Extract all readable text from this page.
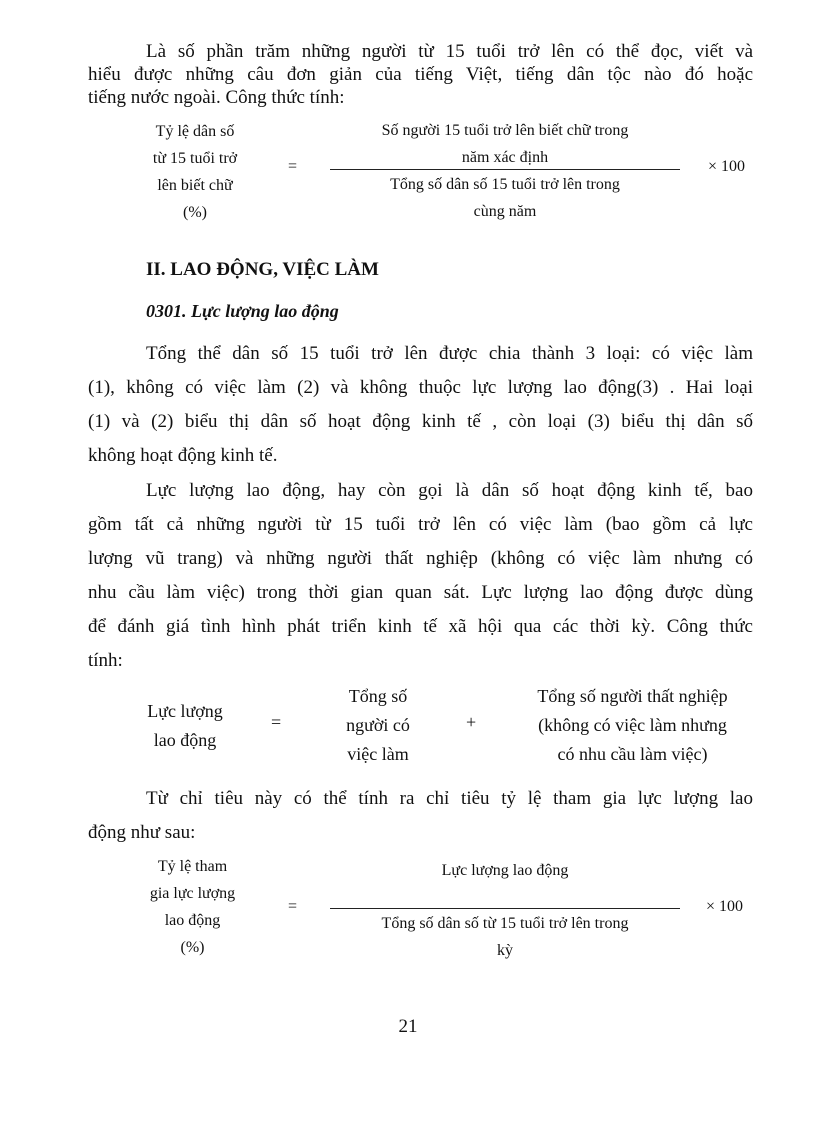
Là số phần trăm những người từ 15 tuổi trở lên có thể đọc, viết và
hiểu được những câu đơn giản của tiếng Việt, tiếng dân tộc nào đó hoặc
tiếng nước ngoài. Công thức tính:
Tỷ lệ dân số
từ 15 tuổi trở
lên biết chữ
(%)
=
Số người 15 tuổi trở lên biết chữ trong
năm xác định
Tổng số dân số 15 tuổi trở lên trong
cùng năm
× 100
II. LAO ĐỘNG, VIỆC LÀM
0301. Lực lượng lao động
Tổng thể dân số 15 tuổi trở lên được chia thành 3 loại: có việc làm
(1), không có việc làm (2) và không thuộc lực lượng lao động(3) . Hai loại
(1) và (2) biểu thị dân số hoạt động kinh tế , còn loại (3) biểu thị dân số
không hoạt động kinh tế.
Lực lượng lao động, hay còn gọi là dân số hoạt động kinh tế, bao
gồm tất cả những người từ 15 tuổi trở lên có việc làm (bao gồm cả lực
lượng vũ trang) và những người thất nghiệp (không có việc làm nhưng có
nhu cầu làm việc) trong thời gian quan sát. Lực lượng lao động được dùng
để đánh giá tình hình phát triển kinh tế xã hội qua các thời kỳ. Công thức
tính:
Lực lượng
lao động
=
Tổng số
người có
việc làm
+
Tổng số người thất nghiệp
(không có việc làm nhưng
có nhu cầu làm việc)
Từ chỉ tiêu này có thể tính ra chỉ tiêu tỷ lệ tham gia lực lượng lao
động như sau:
Tỷ lệ tham
gia lực lượng
lao động
(%)
=
Lực lượng lao động
Tổng số dân số từ 15 tuổi trở lên trong
kỳ
× 100
21
